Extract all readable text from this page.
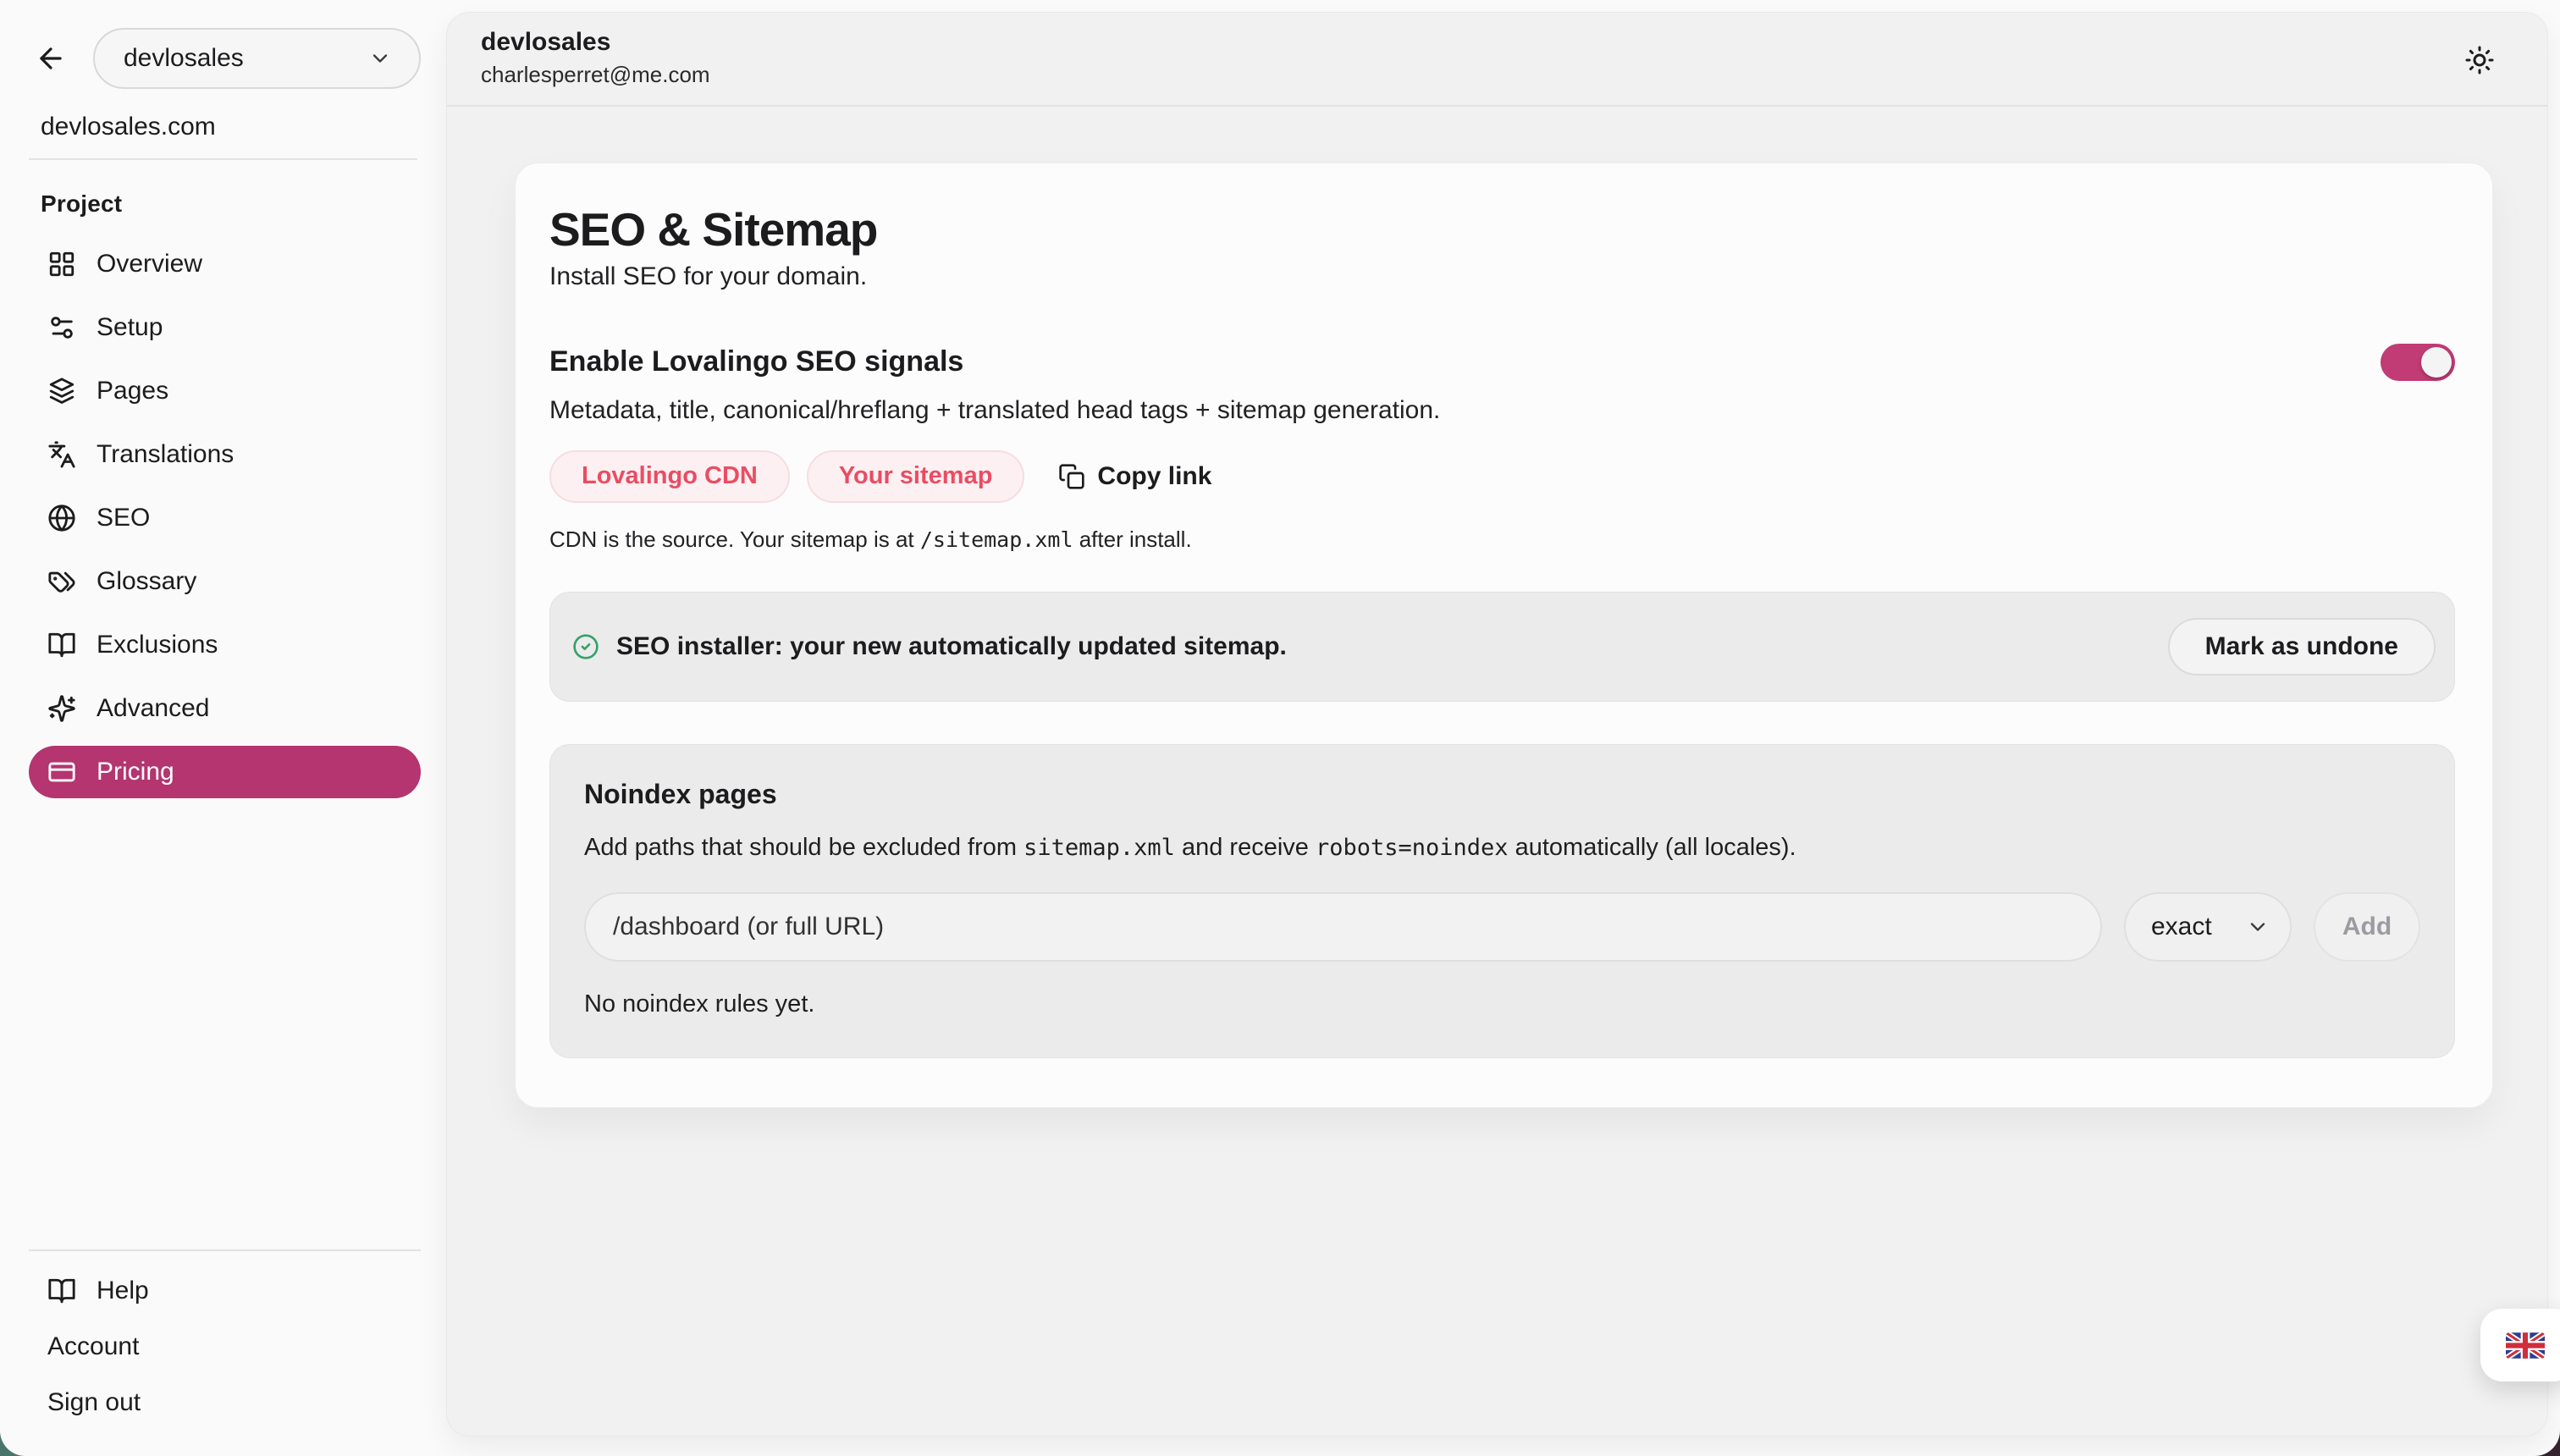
devlosales
devlosales.com
Project
Overview
Setup
Pages
Translations
SEO
Glossary
Exclusions
Advanced
Pricing
Help
Account
Sign out
devlosales
charlesperret@me.com
SEO & Sitemap
Install SEO for your domain.
Enable Lovalingo SEO signals
Metadata, title, canonical/hreflang + translated head tags + sitemap generation.
Lovalingo CDN	Your sitemap	Copy link
CDN is the source. Your sitemap is at /sitemap.xml after install.
SEO installer: your new automatically updated sitemap.	Mark as undone
Noindex pages
Add paths that should be excluded from sitemap.xml and receive robots=noindex automatically (all locales).
/dashboard (or full URL)
exact	Add
No noindex rules yet.
